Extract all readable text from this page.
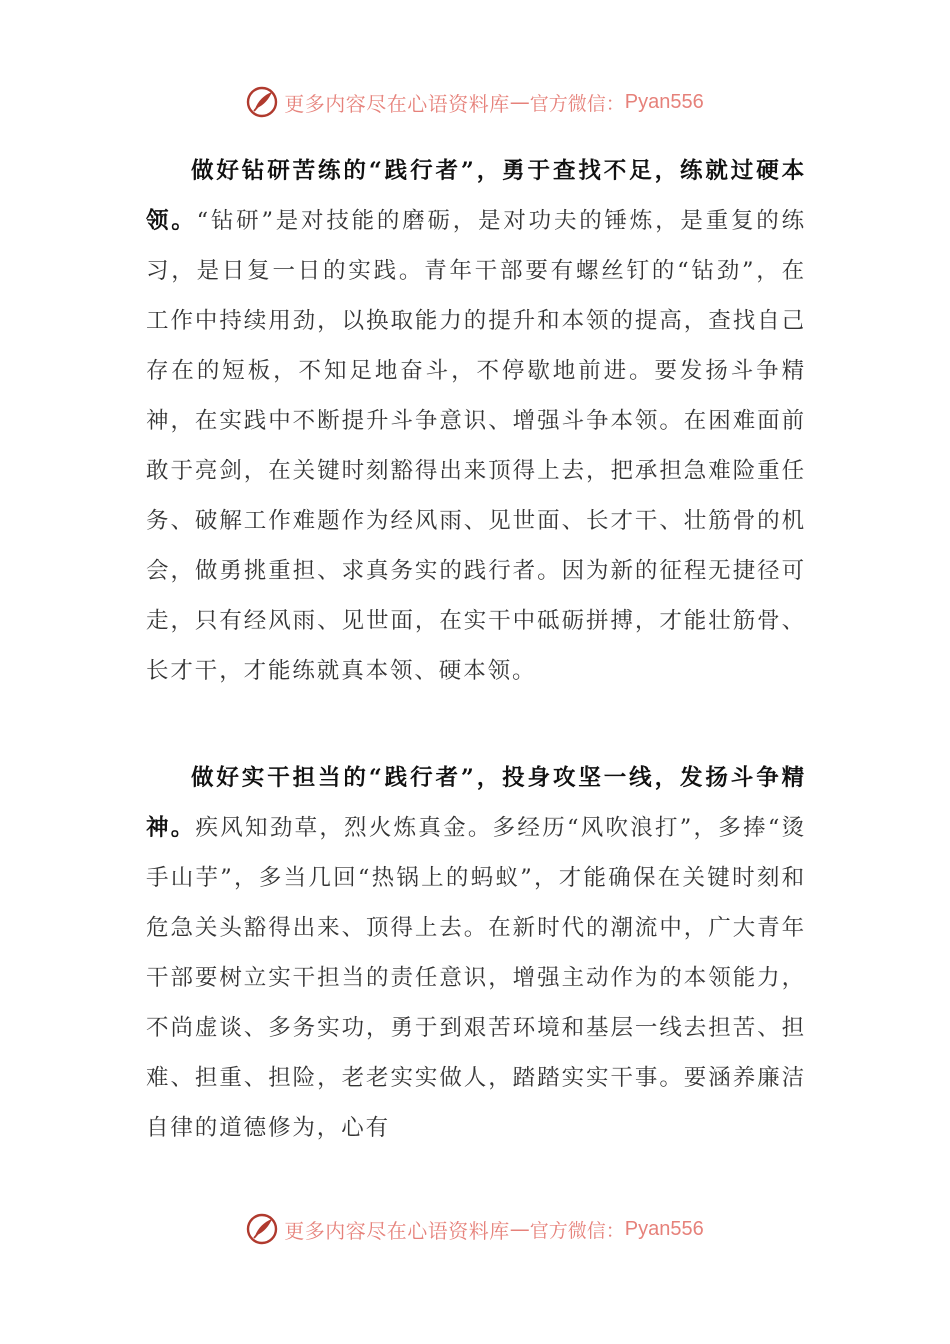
更多内容尽在心语资料库 — 官方微信： Pyan556

做好钻研苦练的“践行者”，勇于查找不足，练就过硬本领。“钻研”是对技能的磨砺，是对功夫的锤炼，是重复的练习，是日复一日的实践。青年干部要有螺丝钉的“钻劲”，在工作中持续用劲，以换取能力的提升和本领的提高，查找自己存在的短板，不知足地奋斗，不停歇地前进。要发扬斗争精神，在实践中不断提升斗争意识、增强斗争本领。在困难面前敢于亮剑，在关键时刻豁得出来顶得上去，把承担急难险重任务、破解工作难题作为经风雨、见世面、长才干、壮筋骨的机会，做勇挑重担、求真务实的践行者。因为新的征程无捷径可走，只有经风雨、见世面，在实干中砥砺拼搏，才能壮筋骨、长才干，才能练就真本领、硬本领。

做好实干担当的“践行者”，投身攻坚一线，发扬斗争精神。疾风知劲草，烈火炼真金。多经历“风吹浪打”，多捧“烫手山芋”，多当几回“热锅上的蚂蚁”，才能确保在关键时刻和危急关头豁得出来、顶得上去。在新时代的潮流中，广大青年干部要树立实干担当的责任意识，增强主动作为的本领能力，不尚虚谈、多务实功，勇于到艰苦环境和基层一线去担苦、担难、担重、担险，老老实实做人，踏踏实实干事。要涵养廉洁自律的道德修为，心有

更多内容尽在心语资料库 — 官方微信： Pyan556
